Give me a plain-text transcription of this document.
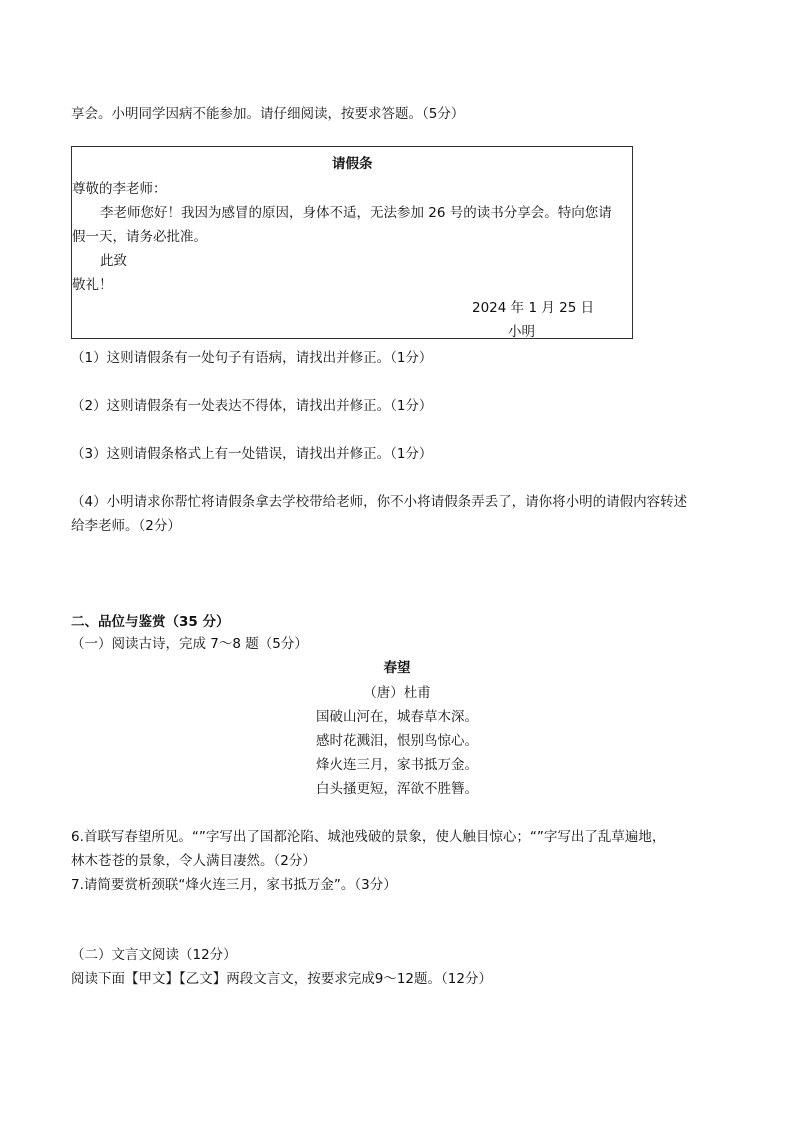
享会。小明同学因病不能参加。请仔细阅读，按要求答题。（5分）
请假条
尊敬的李老师：
李老师您好！我因为感冒的原因，身体不适，无法参加 26 号的读书分享会。特向您请
假一天，请务必批准。
此致
敬礼！
2024 年 1 月 25 日
小明
（1）这则请假条有一处句子有语病，请找出并修正。（1分）
（2）这则请假条有一处表达不得体，请找出并修正。（1分）
（3）这则请假条格式上有一处错误，请找出并修正。（1分）
（4）小明请求你帮忙将请假条拿去学校带给老师，你不小将请假条弄丢了，请你将小明的请假内容转述
给李老师。（2分）
二、品位与鉴赏（35 分）
（一）阅读古诗，完成 7～8 题（5分）
春望
（唐）杜甫
国破山河在，城春草木深。
感时花溅泪，恨别鸟惊心。
烽火连三月，家书抵万金。
白头搔更短，浑欲不胜簪。
6.首联写春望所见。“”字写出了国都沦陷、城池残破的景象，使人触目惊心；“”字写出了乱草遍地，
林木苍苍的景象，令人满目凄然。（2分）
7.请简要赏析颈联“烽火连三月，家书抵万金”。（3分）
（二）文言文阅读（12分）
阅读下面【甲文】【乙文】两段文言文，按要求完成9～12题。（12分）
